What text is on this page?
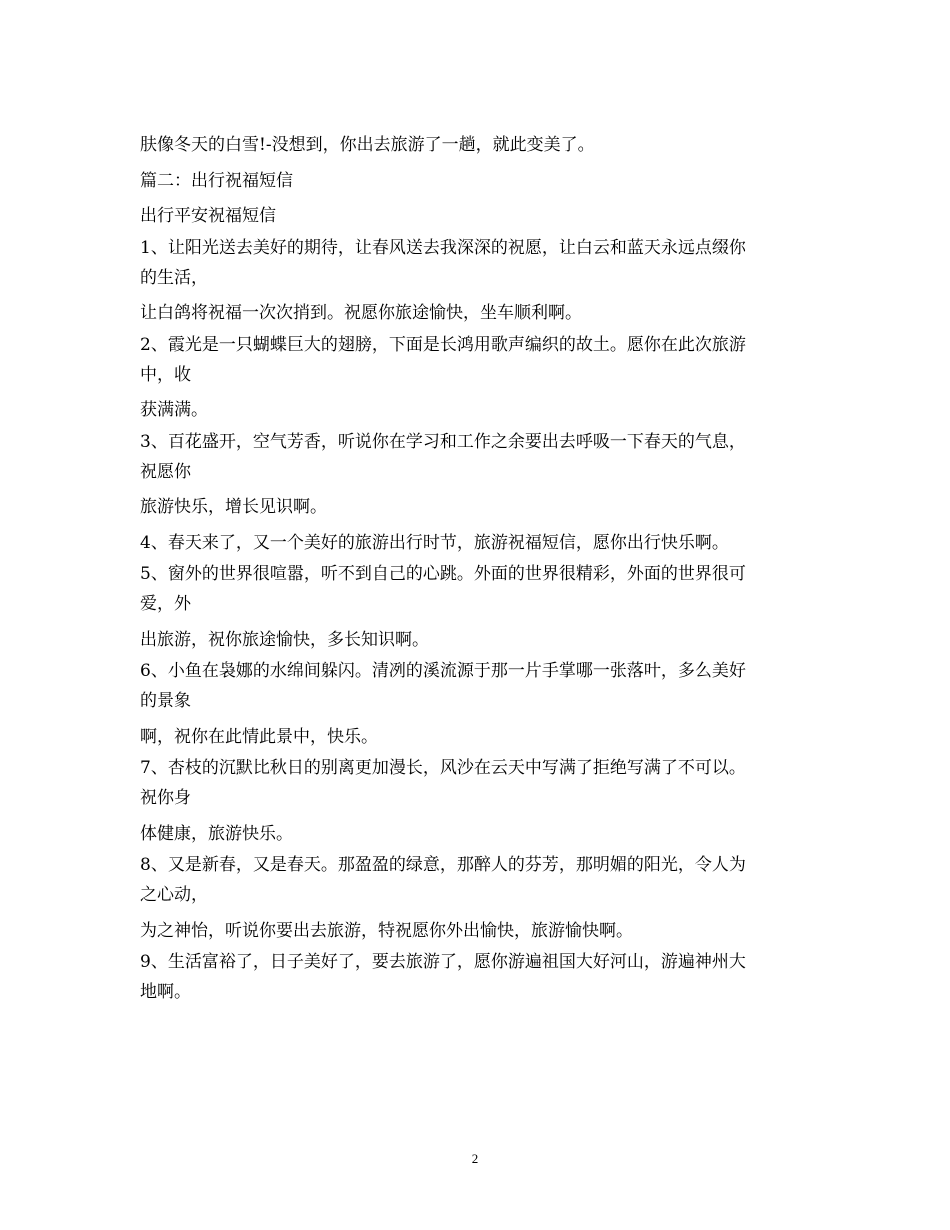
肤像冬天的白雪!-没想到，你出去旅游了一趟，就此变美了。
篇二：出行祝福短信
出行平安祝福短信
1、让阳光送去美好的期待，让春风送去我深深的祝愿，让白云和蓝天永远点缀你
的生活，
让白鸽将祝福一次次捎到。祝愿你旅途愉快，坐车顺利啊。
2、霞光是一只蝴蝶巨大的翅膀，下面是长鸿用歌声编织的故土。愿你在此次旅游
中，收
获满满。
3、百花盛开，空气芳香，听说你在学习和工作之余要出去呼吸一下春天的气息，
祝愿你
旅游快乐，增长见识啊。
4、春天来了，又一个美好的旅游出行时节，旅游祝福短信，愿你出行快乐啊。
5、窗外的世界很喧嚣，听不到自己的心跳。外面的世界很精彩，外面的世界很可
爱，外
出旅游，祝你旅途愉快，多长知识啊。
6、小鱼在袅娜的水绵间躲闪。清冽的溪流源于那一片手掌哪一张落叶，多么美好
的景象
啊，祝你在此情此景中，快乐。
7、杏枝的沉默比秋日的别离更加漫长，风沙在云天中写满了拒绝写满了不可以。
祝你身
体健康，旅游快乐。
8、又是新春，又是春天。那盈盈的绿意，那醉人的芬芳，那明媚的阳光，令人为
之心动，
为之神怡，听说你要出去旅游，特祝愿你外出愉快，旅游愉快啊。
9、生活富裕了，日子美好了，要去旅游了，愿你游遍祖国大好河山，游遍神州大
地啊。
2
